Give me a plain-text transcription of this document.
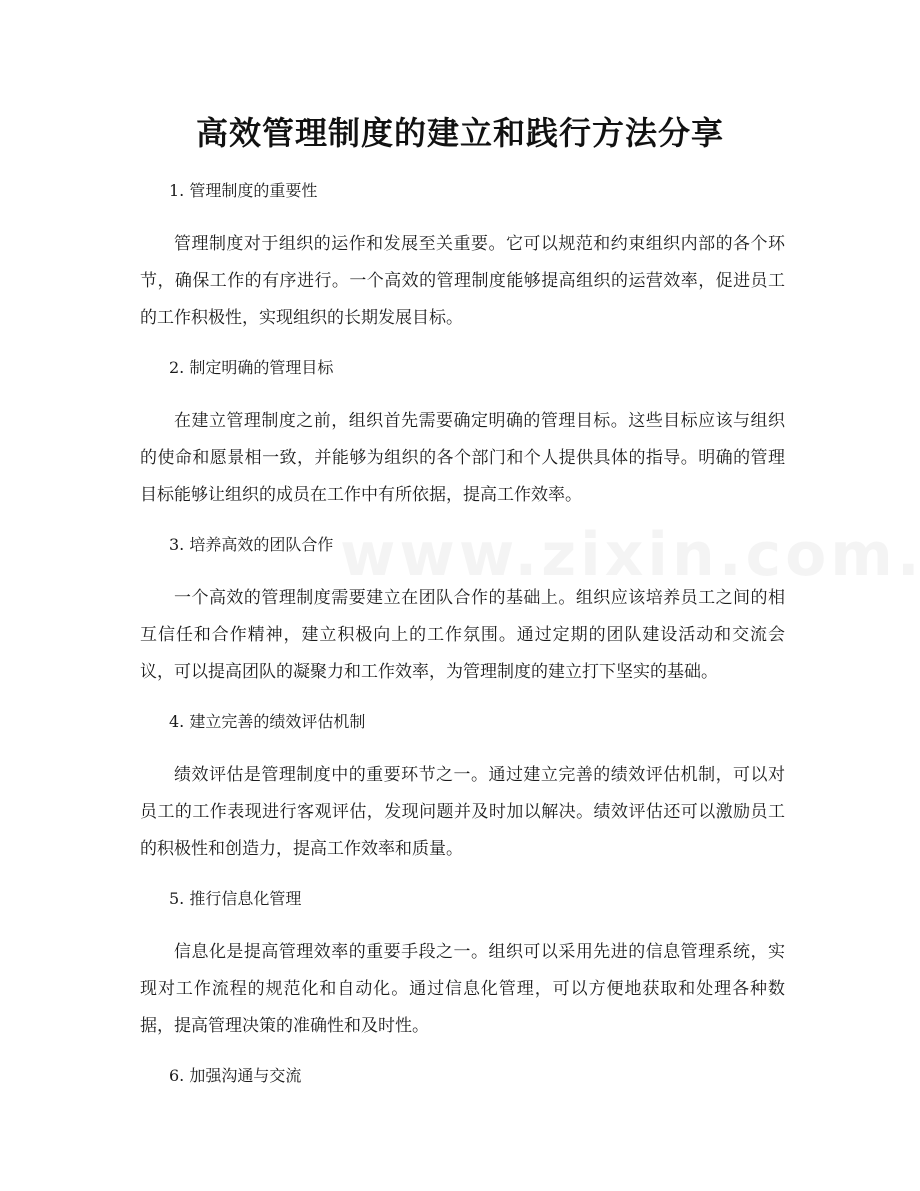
高效管理制度的建立和践行方法分享

1. 管理制度的重要性

管理制度对于组织的运作和发展至关重要。它可以规范和约束组织内部的各个环节，确保工作的有序进行。一个高效的管理制度能够提高组织的运营效率，促进员工的工作积极性，实现组织的长期发展目标。

2. 制定明确的管理目标

在建立管理制度之前，组织首先需要确定明确的管理目标。这些目标应该与组织的使命和愿景相一致，并能够为组织的各个部门和个人提供具体的指导。明确的管理目标能够让组织的成员在工作中有所依据，提高工作效率。

3. 培养高效的团队合作

一个高效的管理制度需要建立在团队合作的基础上。组织应该培养员工之间的相互信任和合作精神，建立积极向上的工作氛围。通过定期的团队建设活动和交流会议，可以提高团队的凝聚力和工作效率，为管理制度的建立打下坚实的基础。

4. 建立完善的绩效评估机制

绩效评估是管理制度中的重要环节之一。通过建立完善的绩效评估机制，可以对员工的工作表现进行客观评估，发现问题并及时加以解决。绩效评估还可以激励员工的积极性和创造力，提高工作效率和质量。

5. 推行信息化管理

信息化是提高管理效率的重要手段之一。组织可以采用先进的信息管理系统，实现对工作流程的规范化和自动化。通过信息化管理，可以方便地获取和处理各种数据，提高管理决策的准确性和及时性。

6. 加强沟通与交流
